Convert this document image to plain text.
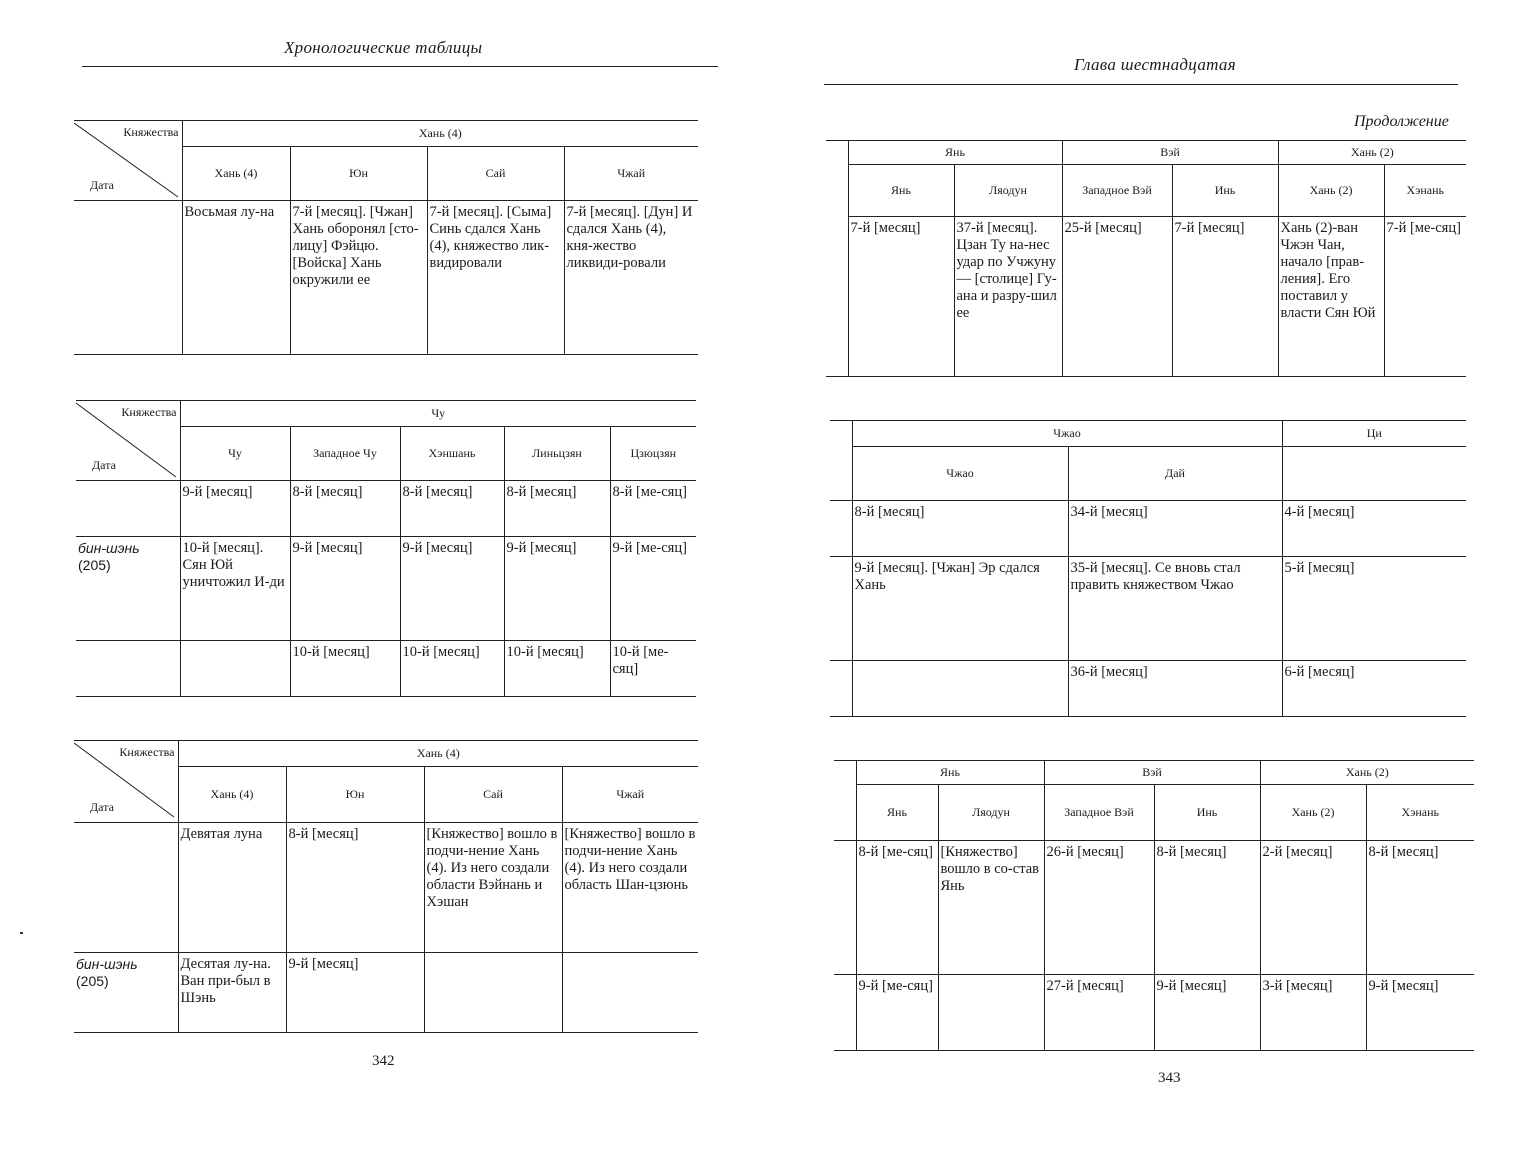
Хронологические таблицы
Княжества
Дата	Хань (4)			
	Хань (4)	Юн	Сай	Чжай
	Восьмая лу-на	7-й [месяц]. [Чжан] Хань оборонял [сто-лицу] Фэйцю. [Войска] Хань окружили ее	7-й [месяц]. [Сыма] Синь сдался Хань (4), княжество лик-видировали	7-й [месяц]. [Дун] И сдался Хань (4), кня-жество ликвиди-ровали
Княжества
Дата	Чу				
	Чу	Западное Чу	Хэншань	Линьцзян	Цзюцзян
	9-й [месяц]	8-й [месяц]	8-й [месяц]	8-й [месяц]	8-й [ме-сяц]

бин-шэнь
(205)	10-й [месяц]. Сян Юй уничтожил И-ди	9-й [месяц]	9-й [месяц]	9-й [месяц]	9-й [ме-сяц]
		10-й [месяц]	10-й [месяц]	10-й [месяц]	10-й [ме-сяц]
Княжества
Дата	Хань (4)			
	Хань (4)	Юн	Сай	Чжай
	Девятая луна	8-й [месяц]	[Княжество] вошло в подчи-нение Хань (4). Из него создали области Вэйнань и Хэшан	[Княжество] вошло в подчи-нение Хань (4). Из него создали область Шан-цзюнь

бин-шэнь
(205)	Десятая лу-на. Ван при-был в Шэнь	9-й [месяц]		
342
Глава шестнадцатая
Продолжение
	Янь		Вэй		Хань (2)	
	Янь	Ляодун	Западное Вэй	Инь	Хань (2)	Хэнань
	7-й [месяц]	37-й [месяц]. Цзан Ту на-нес удар по Учжуну — [столице] Гу-ана и разру-шил ее	25-й [месяц]	7-й [месяц]	Хань (2)-ван Чжэн Чан, начало [прав-ления]. Его поставил у власти Сян Юй	7-й [ме-сяц]
	Чжао		Ци
	Чжао	Дай	
	8-й [месяц]	34-й [месяц]	4-й [месяц]
	9-й [месяц]. [Чжан] Эр сдался Хань	35-й [месяц]. Се вновь стал править княжеством Чжао	5-й [месяц]
		36-й [месяц]	6-й [месяц]
	Янь		Вэй		Хань (2)	
	Янь	Ляодун	Западное Вэй	Инь	Хань (2)	Хэнань
	8-й [ме-сяц]	[Княжество] вошло в со-став Янь	26-й [месяц]	8-й [месяц]	2-й [месяц]	8-й [месяц]
	9-й [ме-сяц]		27-й [месяц]	9-й [месяц]	3-й [месяц]	9-й [месяц]
343
